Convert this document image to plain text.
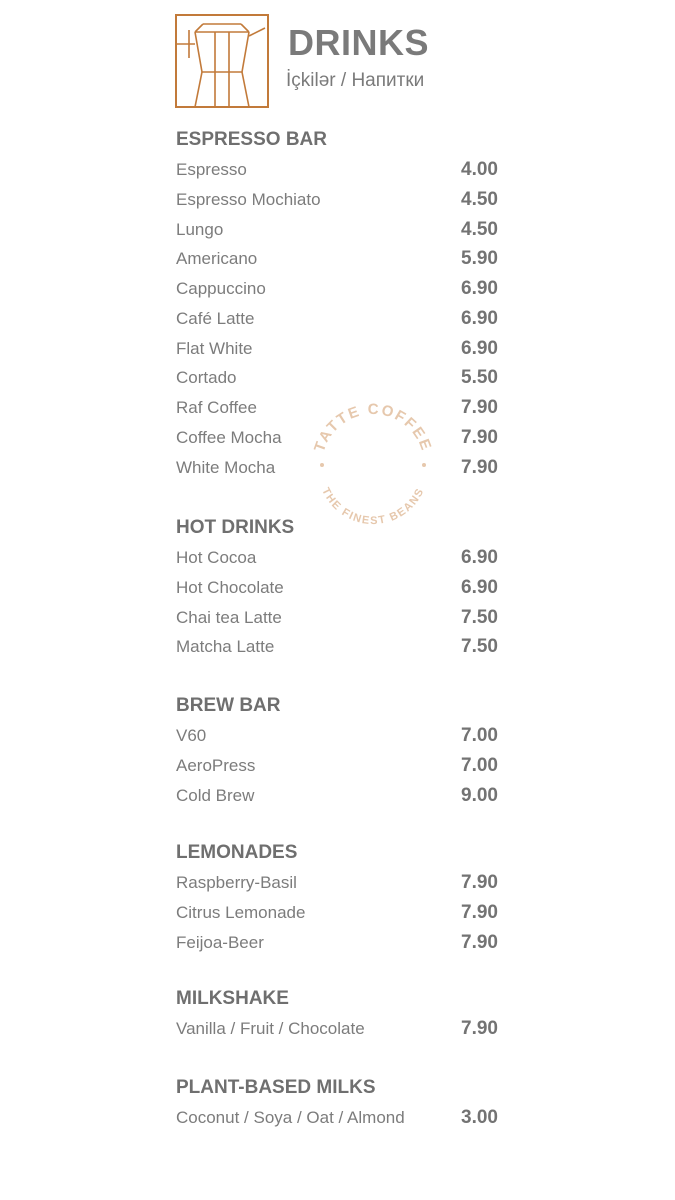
DRINKS
İçkilər / Напитки
TATTE COFFEE
THE FINEST BEANS
ESPRESSO BAR
Espresso	4.00
Espresso Mochiato	4.50
Lungo	4.50
Americano	5.90
Cappuccino	6.90
Café Latte	6.90
Flat White	6.90
Cortado	5.50
Raf Coffee	7.90
Coffee Mocha	7.90
White Mocha	7.90
HOT DRINKS
Hot Cocoa	6.90
Hot Chocolate	6.90
Chai tea Latte	7.50
Matcha Latte	7.50
BREW BAR
V60	7.00
AeroPress	7.00
Cold Brew	9.00
LEMONADES
Raspberry-Basil	7.90
Citrus Lemonade	7.90
Feijoa-Beer	7.90
MILKSHAKE
Vanilla / Fruit / Chocolate	7.90
PLANT-BASED MILKS
Coconut / Soya / Oat / Almond	3.00
